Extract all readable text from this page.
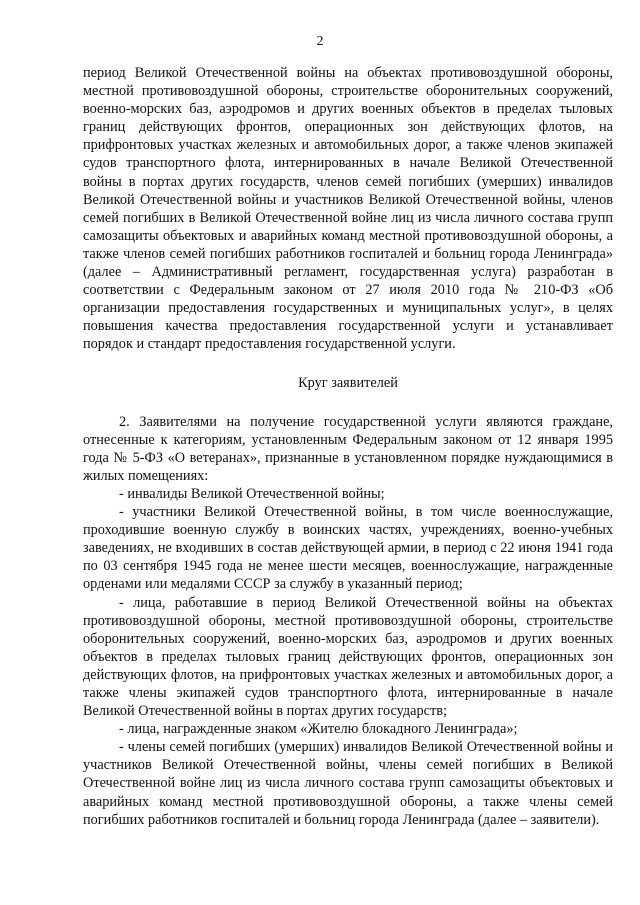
2

период Великой Отечественной войны на объектах противовоздушной обороны, местной противовоздушной обороны, строительстве оборонительных сооружений, военно-морских баз, аэродромов и других военных объектов в пределах тыловых границ действующих фронтов, операционных зон действующих флотов, на прифронтовых участках железных и автомобильных дорог, а также членов экипажей судов транспортного флота, интернированных в начале Великой Отечественной войны в портах других государств, членов семей погибших (умерших) инвалидов Великой Отечественной войны и участников Великой Отечественной войны, членов семей погибших в Великой Отечественной войне лиц из числа личного состава групп самозащиты объектовых и аварийных команд местной противовоздушной обороны, а также членов семей погибших работников госпиталей и больниц города Ленинграда» (далее – Административный регламент, государственная услуга) разработан в соответствии с Федеральным законом от 27 июля 2010 года № 210-ФЗ «Об организации предоставления государственных и муниципальных услуг», в целях повышения качества предоставления государственной услуги и устанавливает порядок и стандарт предоставления государственной услуги.

Круг заявителей

2. Заявителями на получение государственной услуги являются граждане, отнесенные к категориям, установленным Федеральным законом от 12 января 1995 года № 5-ФЗ «О ветеранах», признанные в установленном порядке нуждающимися в жилых помещениях:

- инвалиды Великой Отечественной войны;

- участники Великой Отечественной войны, в том числе военнослужащие, проходившие военную службу в воинских частях, учреждениях, военно-учебных заведениях, не входивших в состав действующей армии, в период с 22 июня 1941 года по 03 сентября 1945 года не менее шести месяцев, военнослужащие, награжденные орденами или медалями СССР за службу в указанный период;

- лица, работавшие в период Великой Отечественной войны на объектах противовоздушной обороны, местной противовоздушной обороны, строительстве оборонительных сооружений, военно-морских баз, аэродромов и других военных объектов в пределах тыловых границ действующих фронтов, операционных зон действующих флотов, на прифронтовых участках железных и автомобильных дорог, а также члены экипажей судов транспортного флота, интернированные в начале Великой Отечественной войны в портах других государств;

- лица, награжденные знаком «Жителю блокадного Ленинграда»;

- члены семей погибших (умерших) инвалидов Великой Отечественной войны и участников Великой Отечественной войны, члены семей погибших в Великой Отечественной войне лиц из числа личного состава групп самозащиты объектовых и аварийных команд местной противовоздушной обороны, а также члены семей погибших работников госпиталей и больниц города Ленинграда (далее – заявители).
